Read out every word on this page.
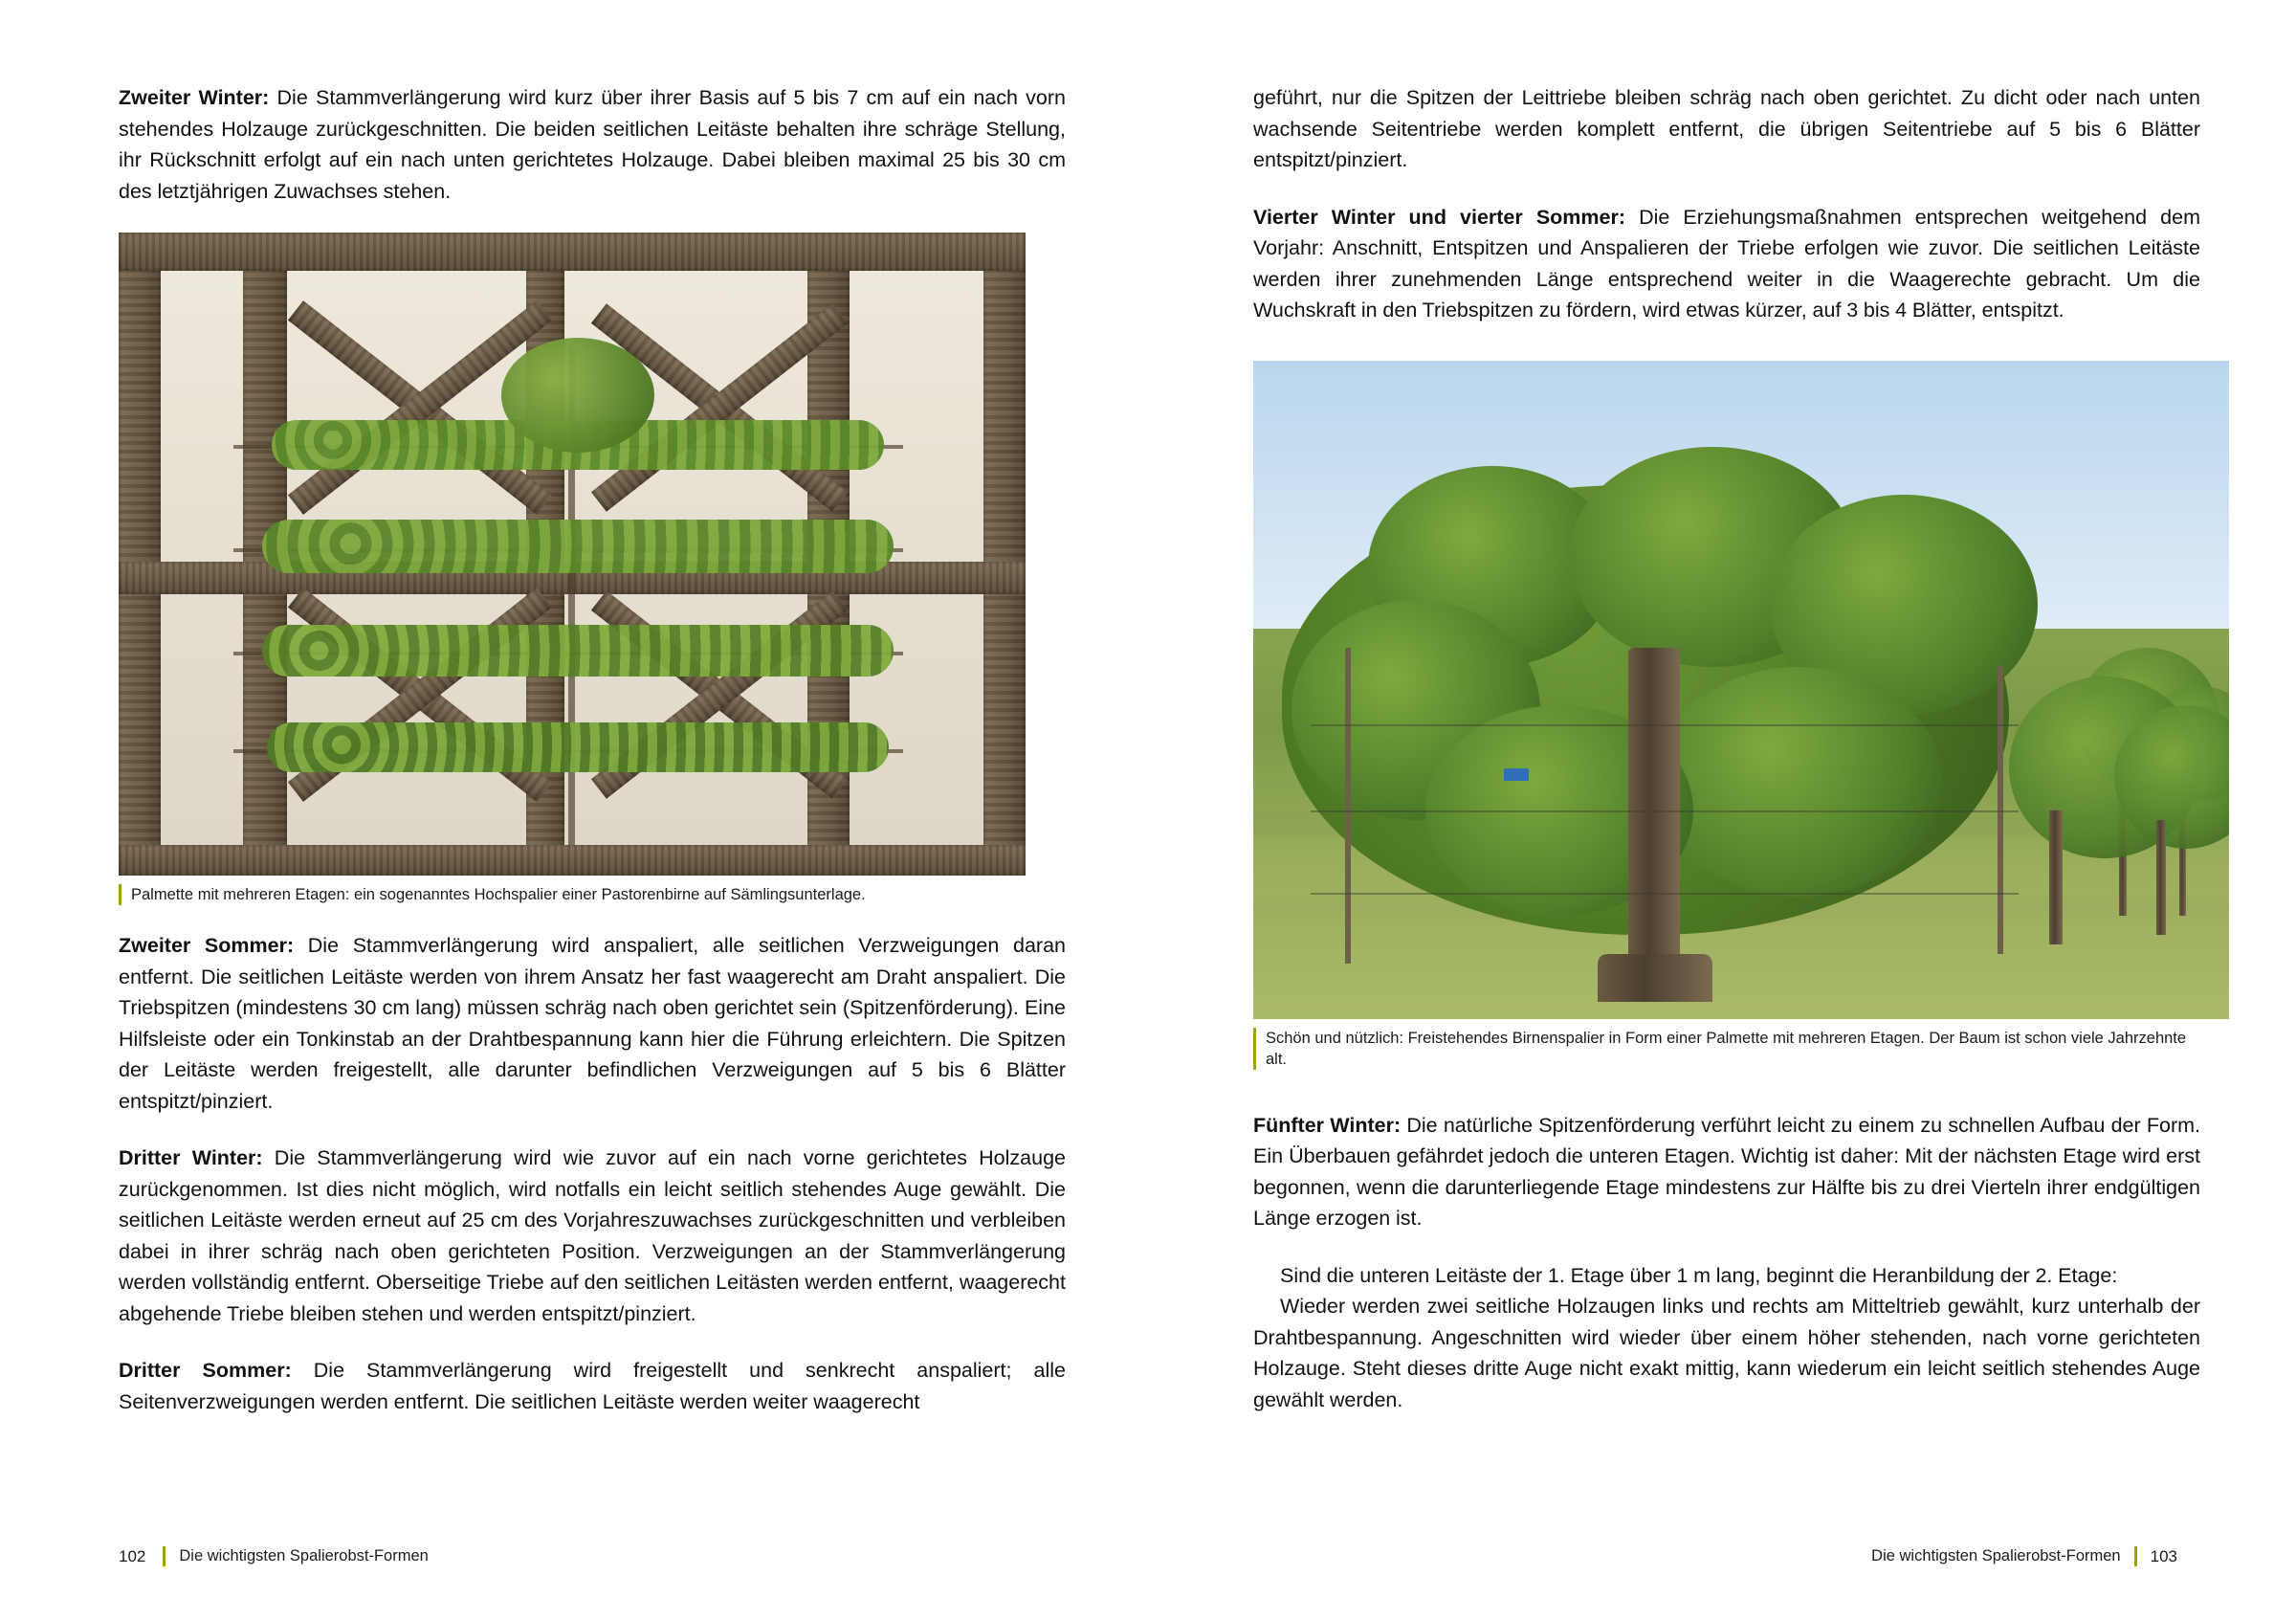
Zweiter Winter: Die Stammverlängerung wird kurz über ihrer Basis auf 5 bis 7 cm auf ein nach vorn stehendes Holzauge zurückgeschnitten. Die beiden seitlichen Leitäste behalten ihre schräge Stellung, ihr Rückschnitt erfolgt auf ein nach unten gerichtetes Holzauge. Dabei bleiben maximal 25 bis 30 cm des letztjährigen Zuwachses stehen.

Palmette mit mehreren Etagen: ein sogenanntes Hochspalier einer Pastorenbirne auf Sämlingsunterlage.

Zweiter Sommer: Die Stammverlängerung wird anspaliert, alle seitlichen Verzweigungen daran entfernt. Die seitlichen Leitäste werden von ihrem Ansatz her fast waagerecht am Draht anspaliert. Die Triebspitzen (mindestens 30 cm lang) müssen schräg nach oben gerichtet sein (Spitzenförderung). Eine Hilfsleiste oder ein Tonkinstab an der Drahtbespannung kann hier die Führung erleichtern. Die Spitzen der Leitäste werden freigestellt, alle darunter befindlichen Verzweigungen auf 5 bis 6 Blätter entspitzt/pinziert.

Dritter Winter: Die Stammverlängerung wird wie zuvor auf ein nach vorne gerichtetes Holzauge zurückgenommen. Ist dies nicht möglich, wird notfalls ein leicht seitlich stehendes Auge gewählt. Die seitlichen Leitäste werden erneut auf 25 cm des Vorjahreszuwachses zurückgeschnitten und verbleiben dabei in ihrer schräg nach oben gerichteten Position. Verzweigungen an der Stammverlängerung werden vollständig entfernt. Oberseitige Triebe auf den seitlichen Leitästen werden entfernt, waagerecht abgehende Triebe bleiben stehen und werden entspitzt/pinziert.

Dritter Sommer: Die Stammverlängerung wird freigestellt und senkrecht anspaliert; alle Seitenverzweigungen werden entfernt. Die seitlichen Leitäste werden weiter waagerecht

102 Die wichtigsten Spalierobst-Formen

geführt, nur die Spitzen der Leittriebe bleiben schräg nach oben gerichtet. Zu dicht oder nach unten wachsende Seitentriebe werden komplett entfernt, die übrigen Seitentriebe auf 5 bis 6 Blätter entspitzt/pinziert.

Vierter Winter und vierter Sommer: Die Erziehungsmaßnahmen entsprechen weitgehend dem Vorjahr: Anschnitt, Entspitzen und Anspalieren der Triebe erfolgen wie zuvor. Die seitlichen Leitäste werden ihrer zunehmenden Länge entsprechend weiter in die Waagerechte gebracht. Um die Wuchskraft in den Triebspitzen zu fördern, wird etwas kürzer, auf 3 bis 4 Blätter, entspitzt.

Schön und nützlich: Freistehendes Birnenspalier in Form einer Palmette mit mehreren Etagen. Der Baum ist schon viele Jahrzehnte alt.

Fünfter Winter: Die natürliche Spitzenförderung verführt leicht zu einem zu schnellen Aufbau der Form. Ein Überbauen gefährdet jedoch die unteren Etagen. Wichtig ist daher: Mit der nächsten Etage wird erst begonnen, wenn die darunterliegende Etage mindestens zur Hälfte bis zu drei Vierteln ihrer endgültigen Länge erzogen ist.

Sind die unteren Leitäste der 1. Etage über 1 m lang, beginnt die Heranbildung der 2. Etage:

Wieder werden zwei seitliche Holzaugen links und rechts am Mitteltrieb gewählt, kurz unterhalb der Drahtbespannung. Angeschnitten wird wieder über einem höher stehenden, nach vorne gerichteten Holzauge. Steht dieses dritte Auge nicht exakt mittig, kann wiederum ein leicht seitlich stehendes Auge gewählt werden.

Die wichtigsten Spalierobst-Formen 103
